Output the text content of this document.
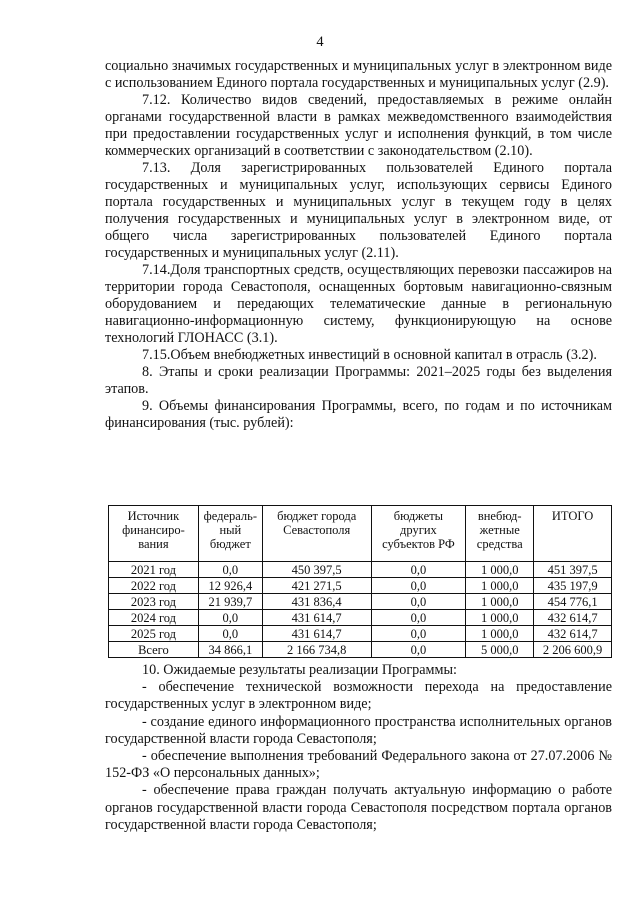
4

социально значимых государственных и муниципальных услуг в электронном виде с использованием Единого портала государственных и муниципальных услуг (2.9).

7.12. Количество видов сведений, предоставляемых в режиме онлайн органами государственной власти в рамках межведомственного взаимодействия при предоставлении государственных услуг и исполнения функций, в том числе коммерческих организаций в соответствии с законодательством (2.10).

7.13. Доля зарегистрированных пользователей Единого портала государственных и муниципальных услуг, использующих сервисы Единого портала государственных и муниципальных услуг в текущем году в целях получения государственных и муниципальных услуг в электронном виде, от общего числа зарегистрированных пользователей Единого портала государственных и муниципальных услуг (2.11).

7.14.Доля транспортных средств, осуществляющих перевозки пассажиров на территории города Севастополя, оснащенных бортовым навигационно-связным оборудованием и передающих телематические данные в региональную навигационно-информационную систему, функционирующую на основе технологий ГЛОНАСС (3.1).

7.15.Объем внебюджетных инвестиций в основной капитал в отрасль (3.2).

8. Этапы и сроки реализации Программы: 2021–2025 годы без выделения этапов.

9. Объемы финансирования Программы, всего, по годам и по источникам финансирования (тыс. рублей):

Источник финансиро-вания	федераль-ный бюджет	бюджет города Севастополя	бюджеты других субъектов РФ	внебюд-жетные средства	ИТОГО
2021 год	0,0	450 397,5	0,0	1 000,0	451 397,5
2022 год	12 926,4	421 271,5	0,0	1 000,0	435 197,9
2023 год	21 939,7	431 836,4	0,0	1 000,0	454 776,1
2024 год	0,0	431 614,7	0,0	1 000,0	432 614,7
2025 год	0,0	431 614,7	0,0	1 000,0	432 614,7
Всего	34 866,1	2 166 734,8	0,0	5 000,0	2 206 600,9

10. Ожидаемые результаты реализации Программы:

- обеспечение технической возможности перехода на предоставление государственных услуг в электронном виде;

- создание единого информационного пространства исполнительных органов государственной власти города Севастополя;

- обеспечение выполнения требований Федерального закона от 27.07.2006 № 152-ФЗ «О персональных данных»;

- обеспечение права граждан получать актуальную информацию о работе органов государственной власти города Севастополя посредством портала органов государственной власти города Севастополя;
